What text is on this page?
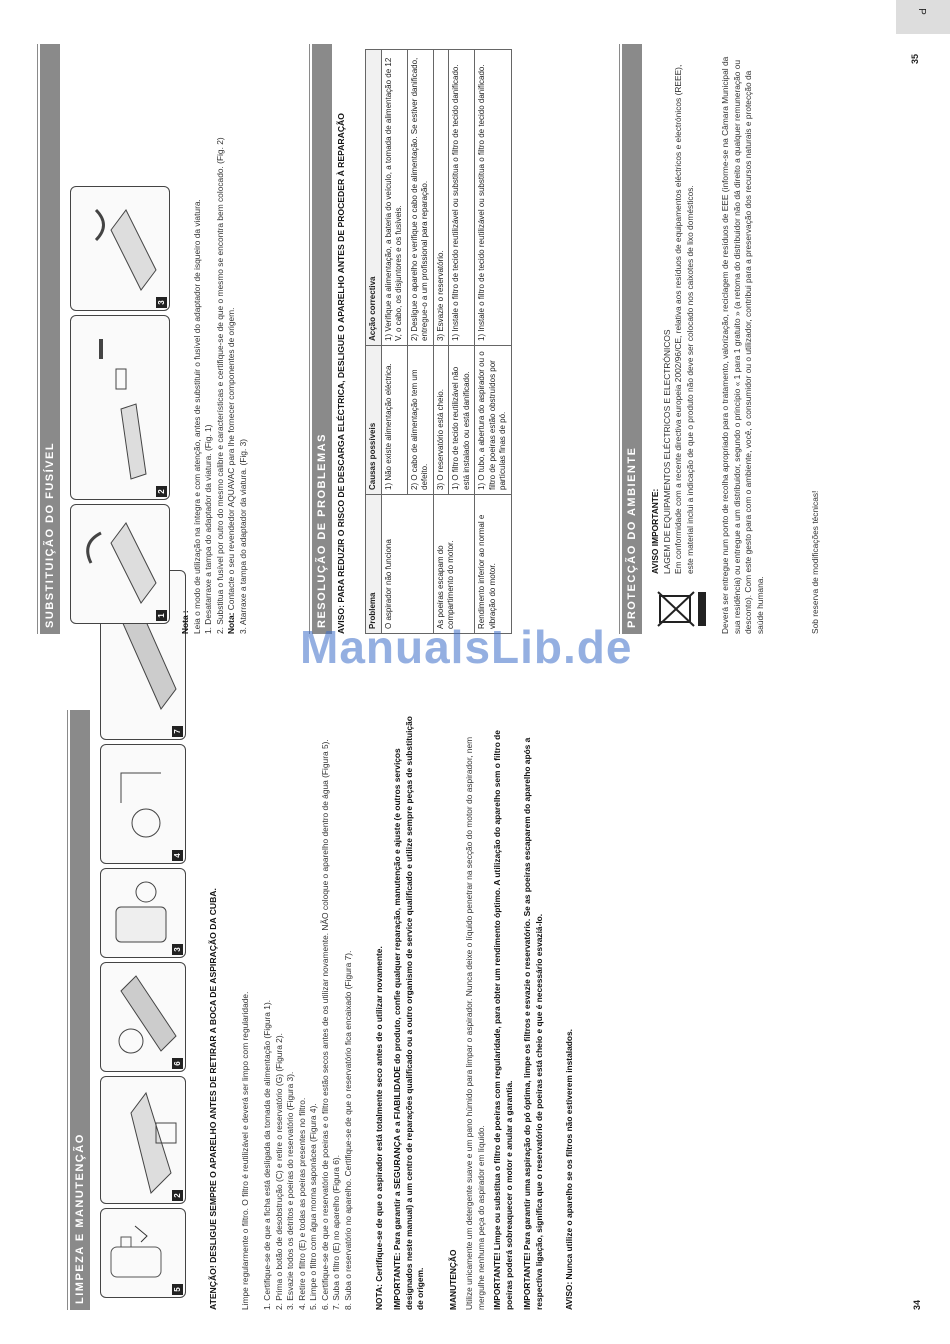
P
LIMPEZA E MANUTENÇÃO	5
2
6
3
4
7
ATENÇÃO! DESLIGUE SEMPRE O APARELHO ANTES DE RETIRAR A BOCA DE ASPIRAÇÃO DA CUBA.	Limpe regularmente o filtro. O filtro é reutilizável e deverá ser limpo com regularidade. 1. Certifique-se de que a ficha está desligada da tomada de alimentação (Figura 1). 2. Prima o botão de desobstrução (C) e retire o reservatório (G) (Figura 2). 3. Esvazie todos os detritos e poeiras do reservatório (Figura 3). 4. Retire o filtro (E) e todas as poeiras presentes no filtro. 5. Limpe o filtro com água morna saponácea (Figura 4). 6. Certifique-se de que o reservatório de poeiras e o filtro estão secos antes de os utilizar novamente. NÃO coloque o aparelho dentro de água (Figura 5). 7. Suba o filtro (E) no aparelho (Figura 6). 8. Suba o reservatório no aparelho. Certifique-se de que o reservatório fica encaixado (Figura 7).	NOTA: Certifique-se de que o aspirador está totalmente seco antes de o utilizar novamente. IMPORTANTE: Para garantir a SEGURANÇA e a FIABILIDADE do produto, confie qualquer reparação, manutenção e ajuste (e outros serviços designados neste manual) a um centro de reparações qualificado ou a outro organismo de service qualificado e utilize sempre peças de substituição de origem.	MANUTENÇÃO Utilize unicamente um detergente suave e um pano húmido para limpar o aspirador. Nunca deixe o líquido penetrar na secção do motor do aspirador, nem mergulhe nenhuma peça do aspirador em líquido. IMPORTANTE! Limpe ou substitua o filtro de poeiras com regularidade, para obter um rendimento óptimo. A utilização do aparelho sem o filtro de poeiras poderá sobreaquecer o motor e anular a garantia. IMPORTANTE! Para garantir uma aspiração do pó óptima, limpe os filtros e esvazie o reservatório. Se as poeiras escaparem do aparelho após a respectiva ligação, significa que o reservatório de poeiras está cheio e que é necessário esvaziá-lo. AVISO: Nunca utilize o aparelho se os filtros não estiverem instalados.	34
SUBSTITUIÇÃO DO FUSÍVEL	1
2
3
Nota : Leia o modo de utilização na íntegra e com atenção, antes de substituir o fusível do adaptador de isqueiro da viatura. 1. Desatarraxe a tampa do adaptador da viatura. (Fig. 1) 2. Substitua o fusível por outro do mesmo calibre e características e certifique-se de que o mesmo se encontra bem colocado. (Fig. 2) Nota: Contacte o seu revendedor AQUAVAC para lhe fornecer componentes de origem. 3. Atarraxe a tampa do adaptador da viatura. (Fig. 3)	RESOLUÇÃO DE PROBLEMAS AVISO: PARA REDUZIR O RISCO DE DESCARGA ELÉCTRICA, DESLIGUE O APARELHO ANTES DE PROCEDER À REPARAÇÃO	Problema	Causas possíveis	Acção correctiva
O aspirador não funciona	1) Não existe alimentação eléctrica.	1) Verifique a alimentação, a bateria do veículo, a tomada de alimentação de 12 V, o cabo, os disjuntores e os fusíveis.
	2) O cabo de alimentação tem um defeito.	2) Desligue o aparelho e verifique o cabo de alimentação. Se estiver danificado, entregue-o a um profissional para reparação.
As poeiras escapam do compartimento do motor.	3) O reservatório está cheio.	3) Esvazie o reservatório.
	1) O filtro de tecido reutilizável não está instalado ou está danificado.	1) Instale o filtro de tecido reutilizável ou substitua o filtro de tecido danificado.
Rendimento inferior ao normal e vibração do motor.	1) O tubo, a abertura do aspirador ou o filtro de poeiras estão obstruídos por partículas finas de pó.	1) Instale o filtro de tecido reutilizável ou substitua o filtro de tecido danificado.
PROTECÇÃO DO AMBIENTE	AVISO IMPORTANTE: LAGEM DE EQUIPAMENTOS ELÉCTRICOS E ELECTRÓNICOS Em conformidade com a recente directiva europeia 2002/96/CE, relativa aos resíduos de equipamentos eléctricos e electrónicos (REEE), este material inclui a indicação de que o produto não deve ser colocado nos caixotes de lixo domésticos.	Deverá ser entregue num ponto de recolha apropriado para o tratamento, valorização, reciclagem de resíduos de EEE (informe-se na Câmara Municipal da sua residência) ou entregue a um distribuidor, segundo o princípio « 1 para 1 gratuito » (a retoma do distribuidor não dá direito a qualquer remuneração ou desconto). Com este gesto para com o ambiente, você, o consumidor ou o utilizador, contribui para a preservação dos recursos naturais e protecção da saúde humana.	Sob reserva de modificações técnicas!
35
ManualsLib.de
